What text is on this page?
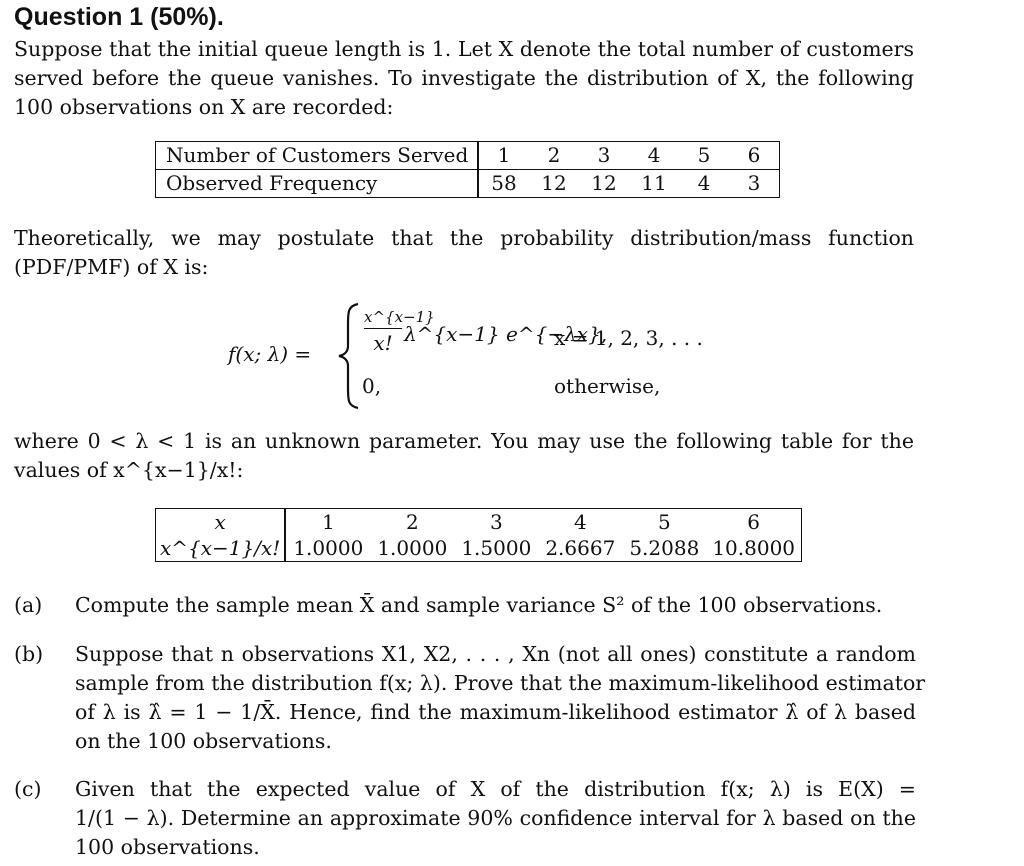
Question 1 (50%).
Suppose that the initial queue length is 1. Let X denote the total number of customers
served before the queue vanishes. To investigate the distribution of X, the following
100 observations on X are recorded:
Number of Customers Served	1	2	3	4	5	6
Observed Frequency	58	12	12	11	4	3
Theoretically, we may postulate that the probability distribution/mass function
(PDF/PMF) of X is:
f(x; λ) =
x^{x−1}
x! λ^{x−1} e^{−λx},
x = 1, 2, 3, . . .
0,	otherwise,
where 0 < λ < 1 is an unknown parameter. You may use the following table for the
values of x^{x−1}/x!:
x	1	2	3	4	5	6
x^{x−1}/x!	1.0000	1.0000	1.5000	2.6667	5.2088	10.8000
(a)	Compute the sample mean X̄ and sample variance S² of the 100 observations.
(b)	Suppose that n observations X1, X2, . . . , Xn (not all ones) constitute a random
sample from the distribution f(x; λ). Prove that the maximum-likelihood estimator
of λ is λ̂ = 1 − 1/X̄. Hence, find the maximum-likelihood estimator λ̂ of λ based
on the 100 observations.
(c)	Given that the expected value of X of the distribution f(x; λ) is E(X) =
1/(1 − λ). Determine an approximate 90% confidence interval for λ based on the
100 observations.
